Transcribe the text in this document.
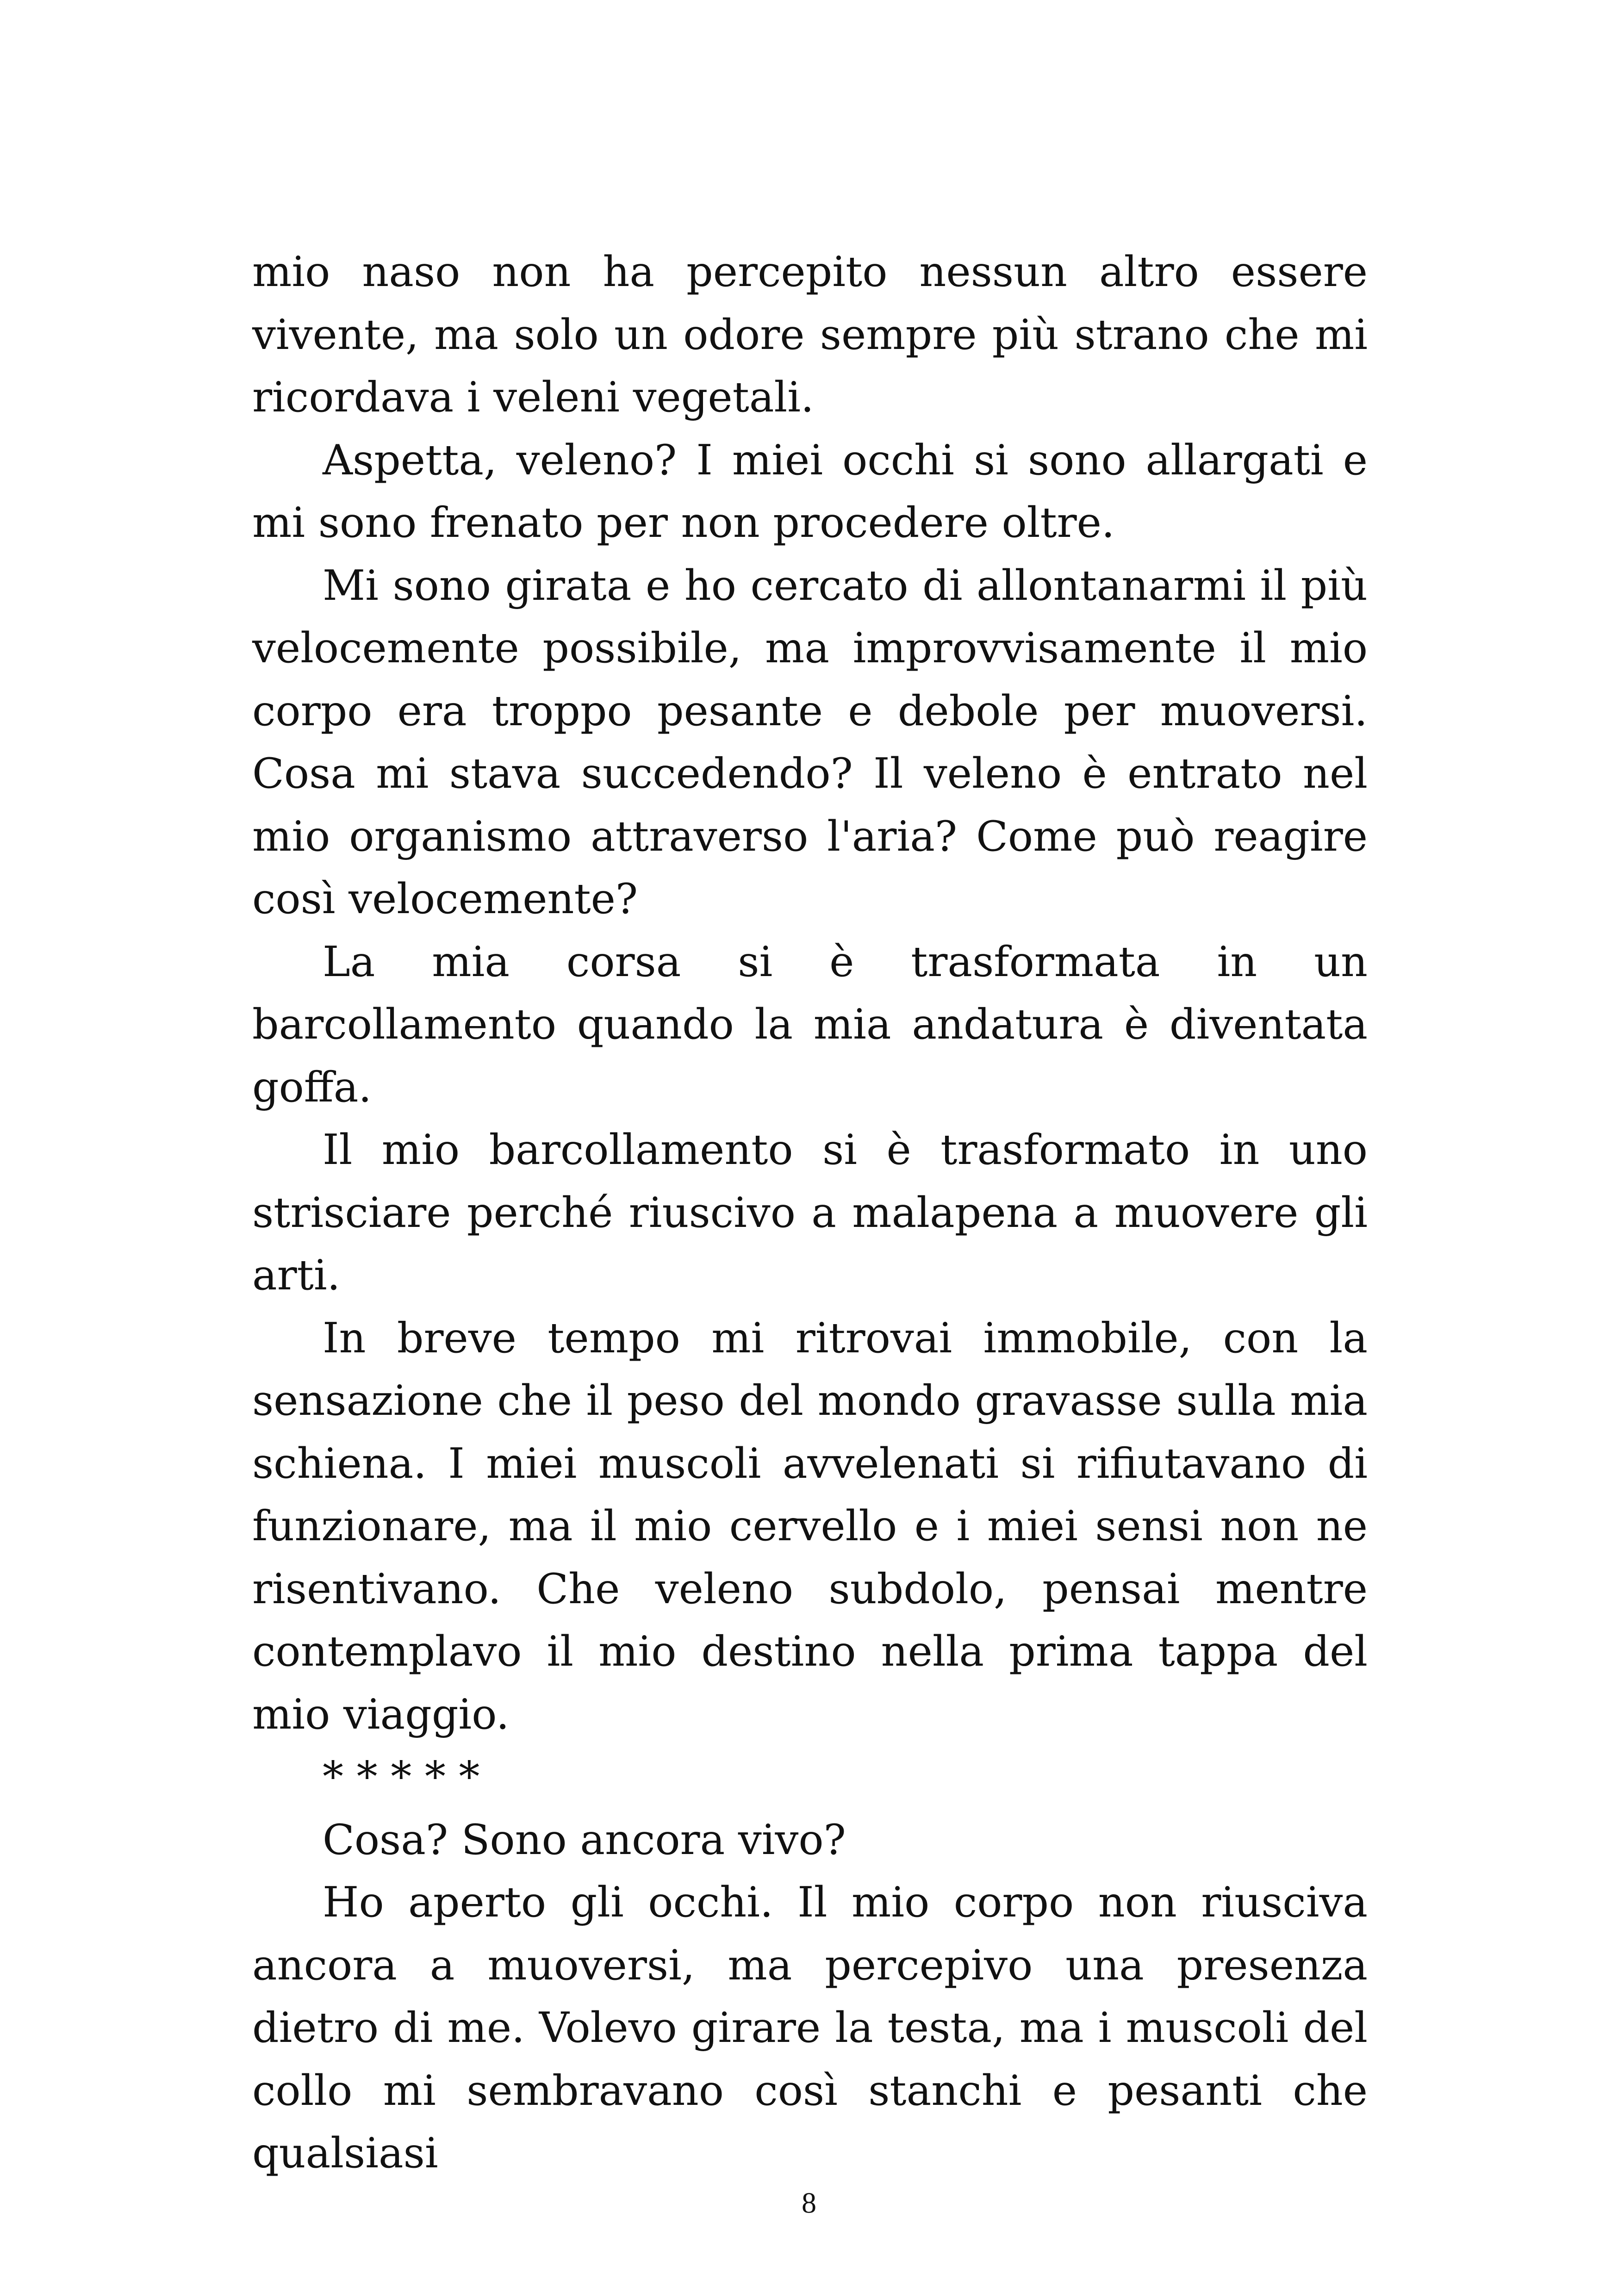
mio naso non ha percepito nessun altro essere vivente, ma solo un odore sempre più strano che mi ricordava i veleni vegetali.

Aspetta, veleno? I miei occhi si sono allargati e mi sono frenato per non procedere oltre.

Mi sono girata e ho cercato di allontanarmi il più velocemente possibile, ma improvvisamente il mio corpo era troppo pesante e debole per muoversi. Cosa mi stava succedendo? Il veleno è entrato nel mio organismo attraverso l'aria? Come può reagire così velocemente?

La mia corsa si è trasformata in un barcollamento quando la mia andatura è diventata goffa.

Il mio barcollamento si è trasformato in uno strisciare perché riuscivo a malapena a muovere gli arti.

In breve tempo mi ritrovai immobile, con la sensazione che il peso del mondo gravasse sulla mia schiena. I miei muscoli avvelenati si rifiutavano di funzionare, ma il mio cervello e i miei sensi non ne risentivano. Che veleno subdolo, pensai mentre contemplavo il mio destino nella prima tappa del mio viaggio.

* * * * *

Cosa? Sono ancora vivo?

Ho aperto gli occhi. Il mio corpo non riusciva ancora a muoversi, ma percepivo una presenza dietro di me. Volevo girare la testa, ma i muscoli del collo mi sembravano così stanchi e pesanti che qualsiasi

8
